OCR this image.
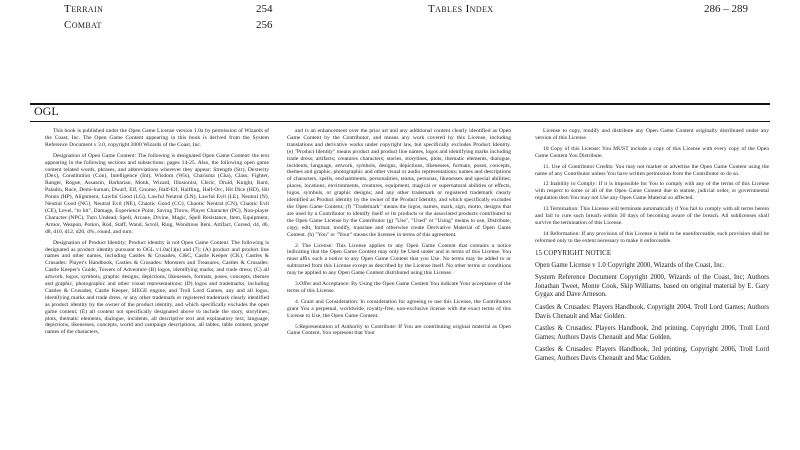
Terrain	254	Tables Index	286 – 289
Combat	256
OGL

This book is published under the Open Game License version 1.0a by permission of Wizards of the Coast, Inc. The Open Game Content appearing in this book is derived from the System Reference Document v 3.0, copyright 2000 Wizards of the Coast, Inc.

Designation of Open Game Content: The following is designated Open Game Content: the text appearing in the following sections and subsections: pages 14-25. Also, the following open game content related words, phrases, and abbreviations wherever they appear: Strength (Str), Dexterity (Dex), Constitution (Con), Intelligence (Int), Wisdom (Wis), Charisma (Cha), Class, Fighter, Ranger, Rogue, Assassin, Barbarian, Monk, Wizard, Illusionist, Cleric, Druid, Knight, Bard, Paladin, Race, Demi-human, Dwarf, Elf, Gnome, Half-Elf, Halfling, Half-Orc, Hit Dice (HD), Hit Points (HP), Alignment, Lawful Good (LG), Lawful Neutral (LN), Lawful Evil (LE), Neutral (N), Neutral Good (NG), Neutral Evil (NE), Chaotic Good (CG), Chaotic Neutral (CN), Chaotic Evil (CE), Level, "to hit", Damage, Experience Point, Saving Throw, Player Character (PC), Non-player Character (NPC), Turn Undead, Spell, Arcane, Divine, Magic, Spell Resistance, Item, Equipment, Armor, Weapon, Potion, Rod, Staff, Wand, Scroll, Ring, Wondrous Item, Artifact, Cursed, d4, d6, d8, d10, d12, d20, d%, round, and turn.

Designation of Product Identity: Product identity is not Open Game Content. The following is designated as product identity pursuant to OGL v1.0a(1)(e) and (7): (A) product and product line names and other names, including Castles & Crusades, C&C, Castle Keeper (CK), Castles & Crusades: Player's Handbook, Castles & Crusades: Monsters and Treasures, Castles & Crusades: Castle Keeper's Guide, Towers of Adventure (B) logos, identifying marks, and trade dress; (C) all artwork, logos, symbols, graphic designs, depictions, likenesses, formats, poses, concepts, themes and graphic, photographic and other visual representations; (D) logos and trademarks, including Castles & Crusades, Castle Keeper, SIEGE engine, and Troll Lord Games, any and all logos, identifying marks and trade dress, or any other trademark or registered trademark clearly identified as product identity by the owner of the product identity, and which specifically excludes the open game content; (E) all content not specifically designated above to include the story, storylines, plots, thematic elements, dialogue, incidents, all descriptive text and explanatory text, language, depictions, likenesses, concepts, world and campaign descriptions, all tables, table content, proper names of the characters,

and is an enhancement over the prior art and any additional content clearly identified as Open Game Content by the Contributor, and means any work covered by this License, including translations and derivative works under copyright law, but specifically excludes Product Identity. (e) "Product Identity" means product and product line names, logos and identifying marks including trade dress; artifacts; creatures characters; stories, storylines, plots, thematic elements, dialogue, incidents, language, artwork, symbols, designs, depictions, likenesses, formats, poses, concepts, themes and graphic, photographic and other visual or audio representations; names and descriptions of characters, spells, enchantments, personalities, teams, personas, likenesses and special abilities; places, locations, environments, creatures, equipment, magical or supernatural abilities or effects, logos, symbols, or graphic designs; and any other trademark or registered trademark clearly identified as Product identity by the owner of the Product Identity, and which specifically excludes the Open Game Content; (f) "Trademark" means the logos, names, mark, sign, motto, designs that are used by a Contributor to identify itself or its products or the associated products contributed to the Open Game License by the Contributor (g) "Use", "Used" or "Using" means to use, Distribute, copy, edit, format, modify, translate and otherwise create Derivative Material of Open Game Content. (h) "You" or "Your" means the licensee in terms of this agreement.

2. The License: This License applies to any Open Game Content that contains a notice indicating that the Open Game Content may only be Used under and in terms of this License. You must affix such a notice to any Open Game Content that you Use. No terms may be added to or subtracted from this License except as described by the License itself. No other terms or conditions may be applied to any Open Game Content distributed using this License.

3.Offer and Acceptance: By Using the Open Game Content You indicate Your acceptance of the terms of this License.

4. Grant and Consideration: In consideration for agreeing to use this License, the Contributors grant You a perpetual, worldwide, royalty-free, non-exclusive license with the exact terms of this License to Use, the Open Game Content.

5.Representation of Authority to Contribute: If You are contributing original material as Open Game Content, You represent that Your

License to copy, modify and distribute any Open Game Content originally distributed under any version of this License.

10 Copy of this License: You MUST include a copy of this License with every copy of the Open Game Content You Distribute.

11. Use of Contributor Credits: You may not market or advertise the Open Game Content using the name of any Contributor unless You have written permission from the Contributor to do so.

12 Inability to Comply: If it is impossible for You to comply with any of the terms of this License with respect to some or all of the Open Game Content due to statute, judicial order, or governmental regulation then You may not Use any Open Game Material so affected.

13 Termination: This License will terminate automatically if You fail to comply with all terms herein and fail to cure such breach within 30 days of becoming aware of the breach. All sublicenses shall survive the termination of this License.

14 Reformation: If any provision of this License is held to be unenforceable, such provision shall be reformed only to the extent necessary to make it enforceable.

15 COPYRIGHT NOTICE

Open Game License v 1.0 Copyright 2000, Wizards of the Coast, Inc.

System Reference Document Copyright 2000, Wizards of the Coast, Inc; Authors Jonathan Tweet, Monte Cook, Skip Williams, based on original material by E. Gary Gygax and Dave Arneson.

Castles & Crusades: Players Handbook, Copyright 2004, Troll Lord Games; Authors Davis Chenault and Mac Golden.

Castles & Crusades: Players Handbook, 2nd printing, Copyright 2006, Troll Lord Games; Authors Davis Chenault and Mac Golden.

Castles & Crusades: Players Handbook, 3rd printing, Copyright 2006, Troll Lord Games; Authors Davis Chenault and Mac Golden.
